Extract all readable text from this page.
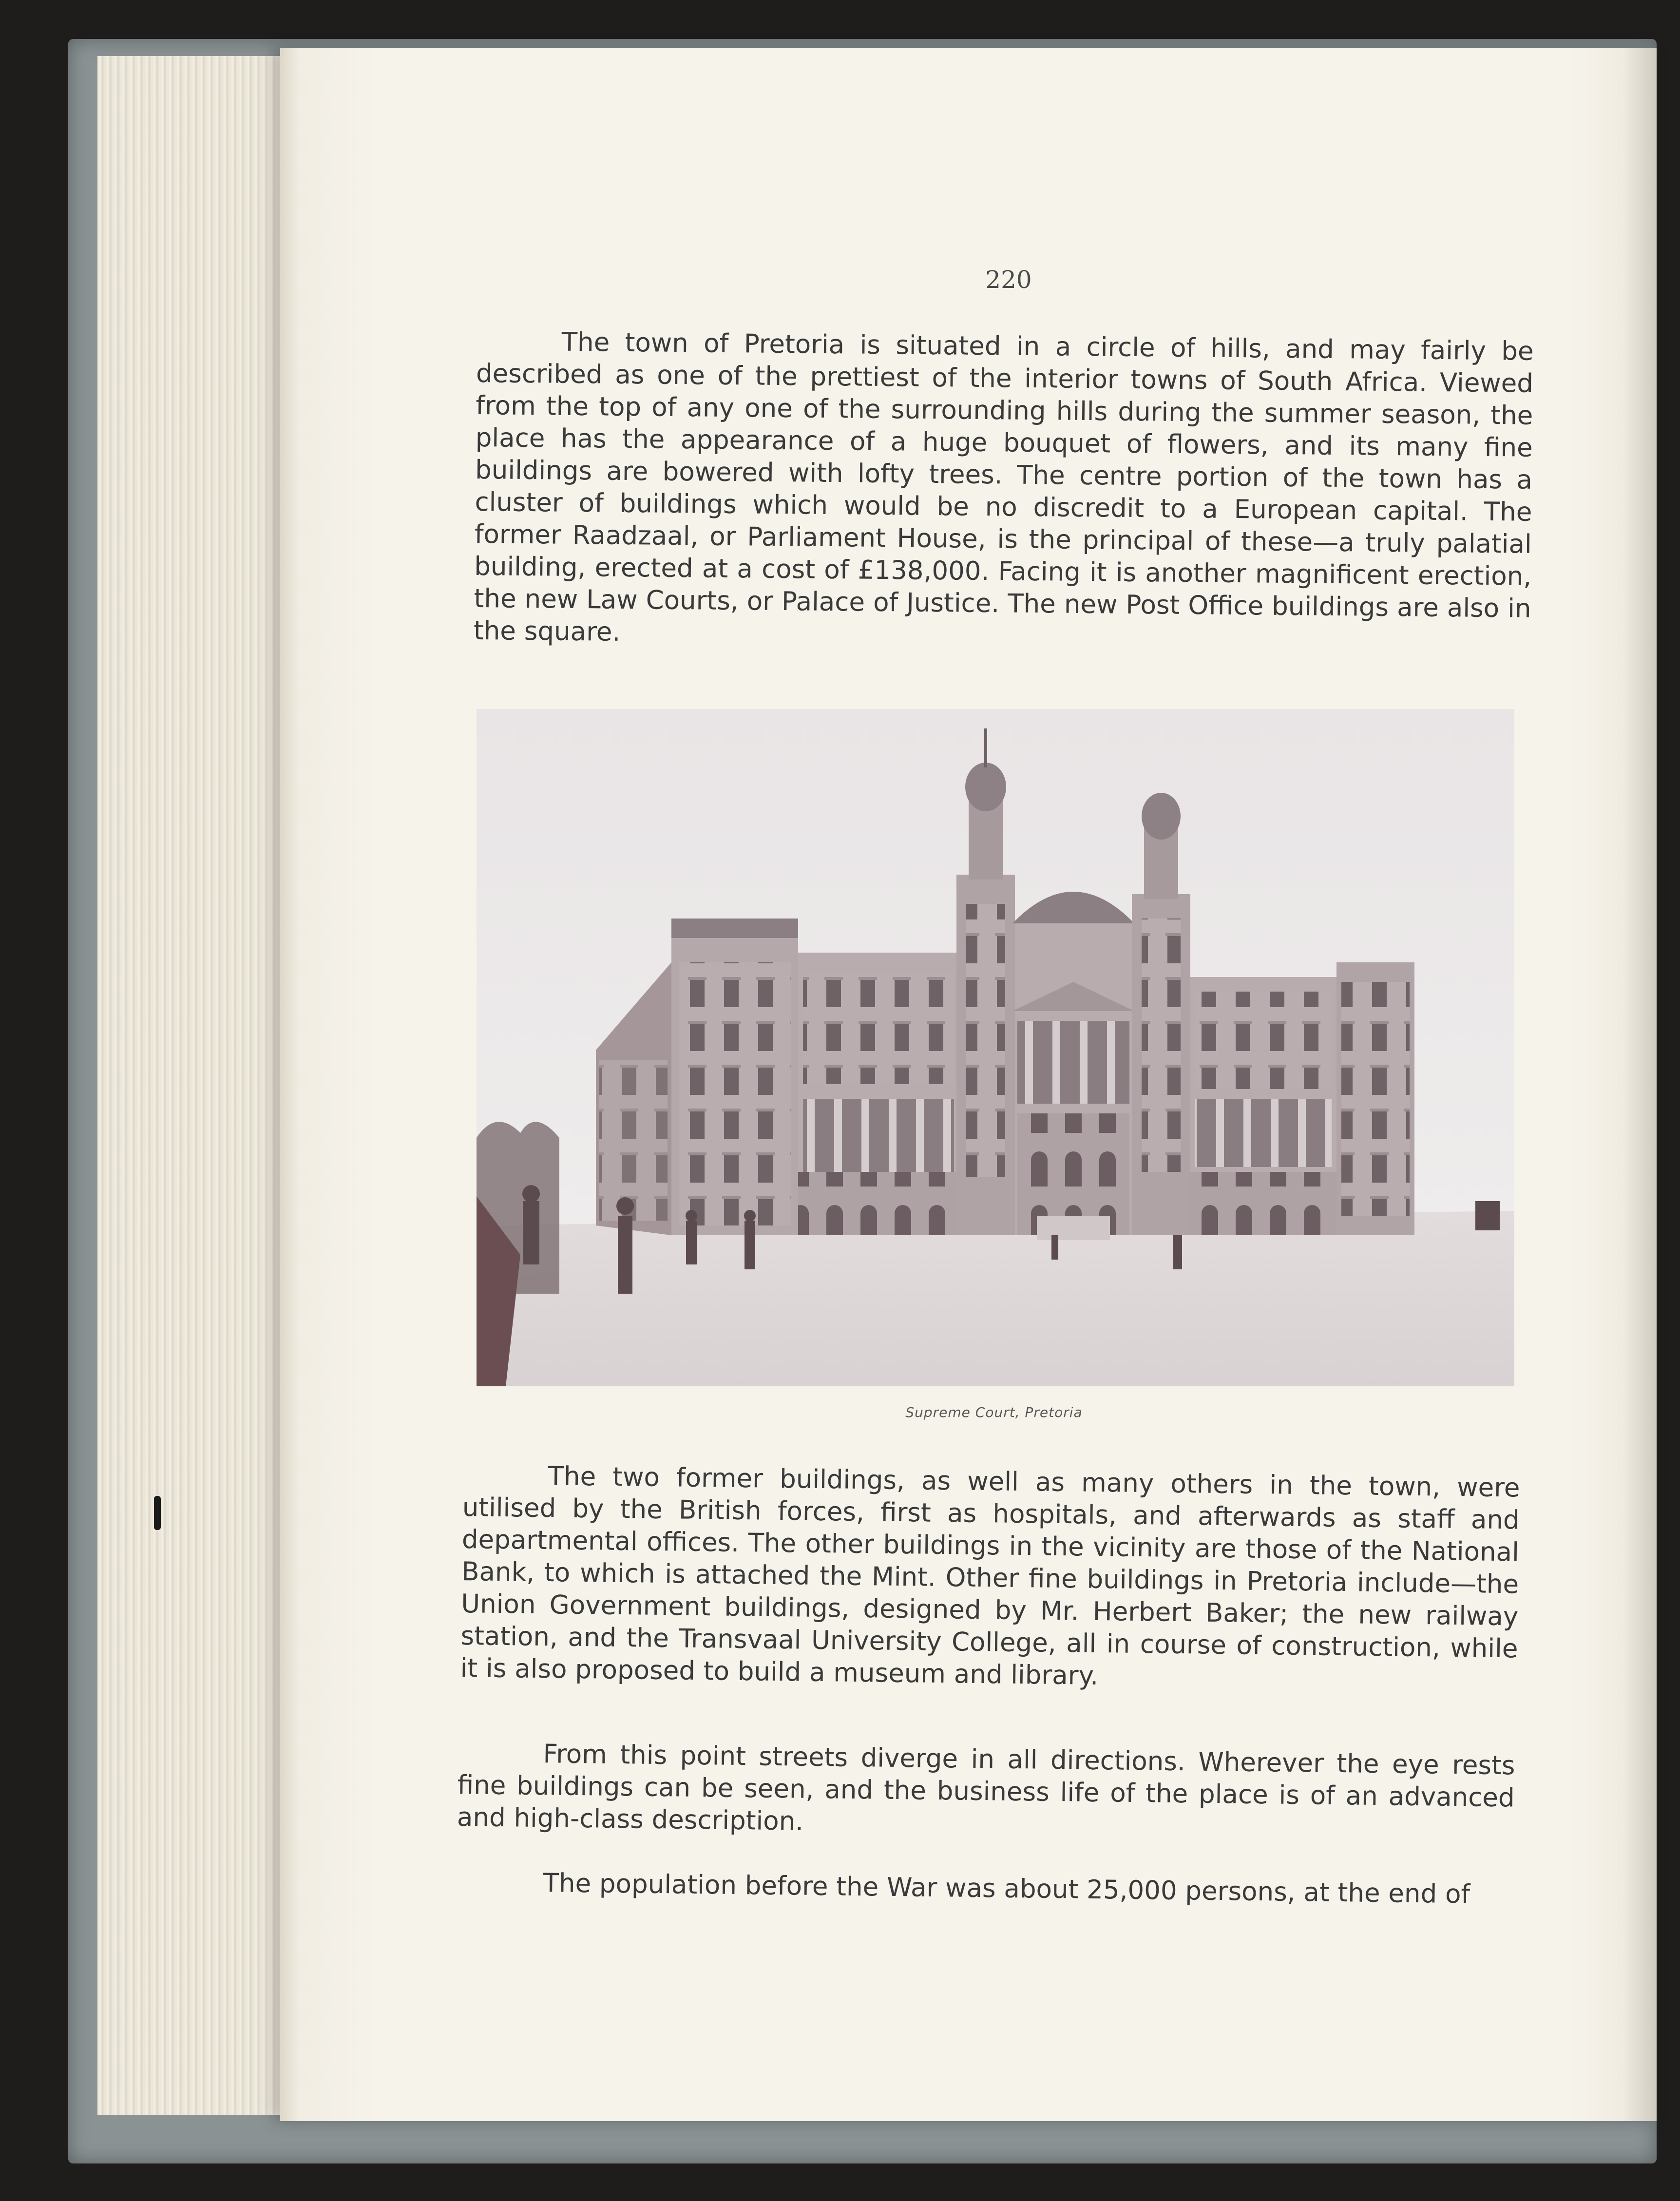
220

The town of Pretoria is situated in a circle of hills, and may fairly be described as one of the prettiest of the interior towns of South Africa. Viewed from the top of any one of the surrounding hills during the summer season, the place has the appearance of a huge bouquet of flowers, and its many fine buildings are bowered with lofty trees. The centre portion of the town has a cluster of buildings which would be no discredit to a European capital. The former Raadzaal, or Parliament House, is the principal of these—a truly palatial building, erected at a cost of £138,000. Facing it is another magnificent erection, the new Law Courts, or Palace of Justice. The new Post Office buildings are also in the square.

Supreme Court, Pretoria

The two former buildings, as well as many others in the town, were utilised by the British forces, first as hospitals, and afterwards as staff and departmental offices. The other buildings in the vicinity are those of the National Bank, to which is attached the Mint. Other fine buildings in Pretoria include—the Union Government buildings, designed by Mr. Herbert Baker; the new railway station, and the Transvaal University College, all in course of construction, while it is also proposed to build a museum and library.

From this point streets diverge in all directions. Wherever the eye rests fine buildings can be seen, and the business life of the place is of an advanced and high-class description.

The population before the War was about 25,000 persons, at the end of
